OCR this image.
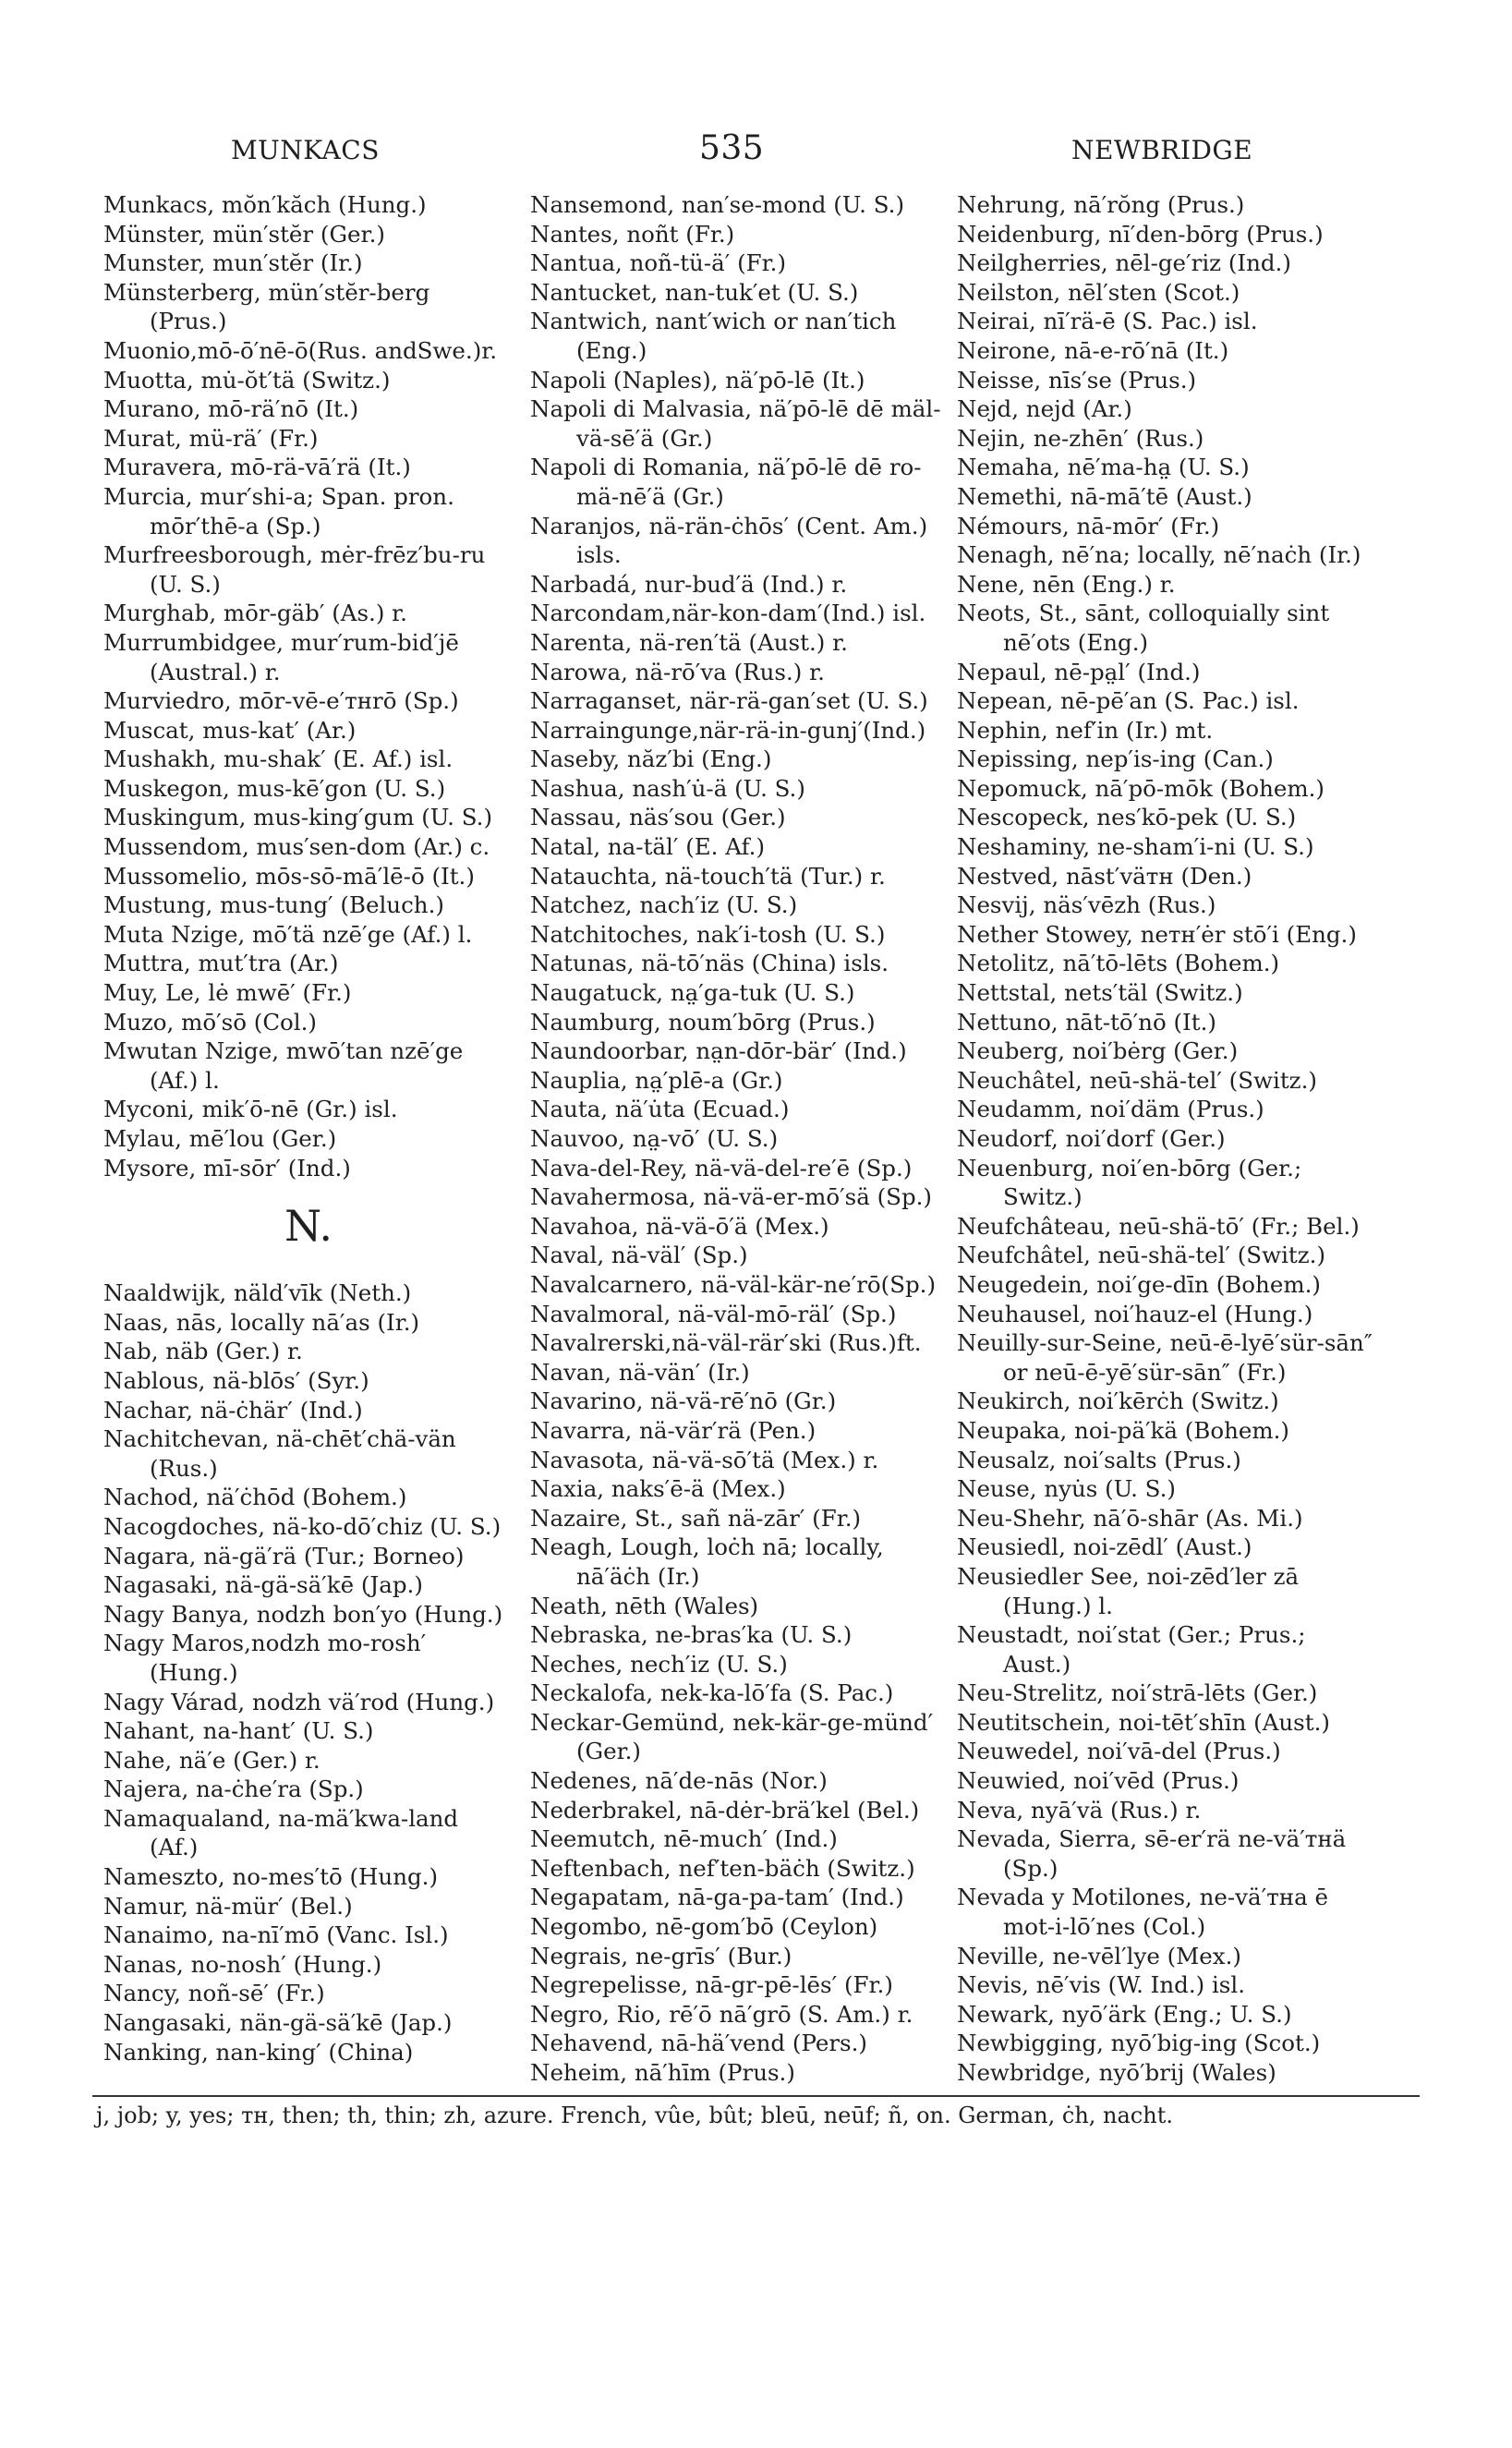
MUNKACS	535	NEWBRIDGE
Munkacs, mŏn′kăch (Hung.)
Münster, mün′stĕr (Ger.)
Munster, mun′stĕr (Ir.)
Münsterberg, mün′stĕr-berg (Prus.)
Muonio,mō-ō′nē-ō(Rus. andSwe.)r.
Muotta, mu̇-ŏt′tä (Switz.)
Murano, mō-rä′nō (It.)
Murat, mü-rä′ (Fr.)
Muravera, mō-rä-vā′rä (It.)
Murcia, mur′shi-a; Span. pron. mōr′thē-a (Sp.)
Murfreesborough, mėr-frēz′bu-ru (U. S.)
Murghab, mōr-gäb′ (As.) r.
Murrumbidgee, mur′rum-bid′jē (Austral.) r.
Murviedro, mōr-vē-e′ᴛʜrō (Sp.)
Muscat, mus-kat′ (Ar.)
Mushakh, mu-shak′ (E. Af.) isl.
Muskegon, mus-kē′gon (U. S.)
Muskingum, mus-king′gum (U. S.)
Mussendom, mus′sen-dom (Ar.) c.
Mussomelio, mōs-sō-mā′lē-ō (It.)
Mustung, mus-tung′ (Beluch.)
Muta Nzige, mō′tä nzē′ge (Af.) l.
Muttra, mut′tra (Ar.)
Muy, Le, lė mwē′ (Fr.)
Muzo, mō′sō (Col.)
Mwutan Nzige, mwō′tan nzē′ge (Af.) l.
Myconi, mik′ō-nē (Gr.) isl.
Mylau, mē′lou (Ger.)
Mysore, mī-sōr′ (Ind.)
N.
Naaldwijk, näld′vīk (Neth.)
Naas, nās, locally nā′as (Ir.)
Nab, näb (Ger.) r.
Nablous, nä-blōs′ (Syr.)
Nachar, nä-ċhär′ (Ind.)
Nachitchevan, nä-chēt′chä-vän (Rus.)
Nachod, nä′ċhōd (Bohem.)
Nacogdoches, nä-ko-dō′chiz (U. S.)
Nagara, nä-gä′rä (Tur.; Borneo)
Nagasaki, nä-gä-sä′kē (Jap.)
Nagy Banya, nodzh bon′yo (Hung.)
Nagy Maros,nodzh mo-rosh′(Hung.)
Nagy Várad, nodzh vä′rod (Hung.)
Nahant, na-hant′ (U. S.)
Nahe, nä′e (Ger.) r.
Najera, na-ċhe′ra (Sp.)
Namaqualand, na-mä′kwa-land (Af.)
Nameszto, no-mes′tō (Hung.)
Namur, nä-mür′ (Bel.)
Nanaimo, na-nī′mō (Vanc. Isl.)
Nanas, no-nosh′ (Hung.)
Nancy, noñ-sē′ (Fr.)
Nangasaki, nän-gä-sä′kē (Jap.)
Nanking, nan-king′ (China)
Nansemond, nan′se-mond (U. S.)
Nantes, noñt (Fr.)
Nantua, noñ-tü-ä′ (Fr.)
Nantucket, nan-tuk′et (U. S.)
Nantwich, nant′wich or nan′tich (Eng.)
Napoli (Naples), nä′pō-lē (It.)
Napoli di Malvasia, nä′pō-lē dē mäl-vä-sē′ä (Gr.)
Napoli di Romania, nä′pō-lē dē ro-mä-nē′ä (Gr.)
Naranjos, nä-rän-ċhōs′ (Cent. Am.) isls.
Narbadá, nur-bud′ä (Ind.) r.
Narcondam,när-kon-dam′(Ind.) isl.
Narenta, nä-ren′tä (Aust.) r.
Narowa, nä-rō′va (Rus.) r.
Narraganset, när-rä-gan′set (U. S.)
Narraingunge,när-rä-in-gunj′(Ind.)
Naseby, năz′bi (Eng.)
Nashua, nash′u̇-ä (U. S.)
Nassau, näs′sou (Ger.)
Natal, na-täl′ (E. Af.)
Natauchta, nä-touch′tä (Tur.) r.
Natchez, nach′iz (U. S.)
Natchitoches, nak′i-tosh (U. S.)
Natunas, nä-tō′näs (China) isls.
Naugatuck, na̤′ga-tuk (U. S.)
Naumburg, noum′bōrg (Prus.)
Naundoorbar, na̤n-dōr-bär′ (Ind.)
Nauplia, na̤′plē-a (Gr.)
Nauta, nä′u̇ta (Ecuad.)
Nauvoo, na̤-vō′ (U. S.)
Nava-del-Rey, nä-vä-del-re′ē (Sp.)
Navahermosa, nä-vä-er-mō′sä (Sp.)
Navahoa, nä-vä-ō′ä (Mex.)
Naval, nä-väl′ (Sp.)
Navalcarnero, nä-väl-kär-ne′rō(Sp.)
Navalmoral, nä-väl-mō-räl′ (Sp.)
Navalrerski,nä-väl-rär′ski (Rus.)ft.
Navan, nä-vän′ (Ir.)
Navarino, nä-vä-rē′nō (Gr.)
Navarra, nä-vär′rä (Pen.)
Navasota, nä-vä-sō′tä (Mex.) r.
Naxia, naks′ē-ä (Mex.)
Nazaire, St., sañ nä-zār′ (Fr.)
Neagh, Lough, loċh nā; locally, nā′äċh (Ir.)
Neath, nēth (Wales)
Nebraska, ne-bras′ka (U. S.)
Neches, nech′iz (U. S.)
Neckalofa, nek-ka-lō′fa (S. Pac.)
Neckar-Gemünd, nek-kär-ge-münd′ (Ger.)
Nedenes, nā′de-nās (Nor.)
Nederbrakel, nā-dėr-brä′kel (Bel.)
Neemutch, nē-much′ (Ind.)
Neftenbach, nef′ten-bäċh (Switz.)
Negapatam, nā-ga-pa-tam′ (Ind.)
Negombo, nē-gom′bō (Ceylon)
Negrais, ne-grīs′ (Bur.)
Negrepelisse, nā-gr-pē-lēs′ (Fr.)
Negro, Rio, rē′ō nā′grō (S. Am.) r.
Nehavend, nā-hä′vend (Pers.)
Neheim, nā′hīm (Prus.)
Nehrung, nā′rŏng (Prus.)
Neidenburg, nī′den-bōrg (Prus.)
Neilgherries, nēl-ge′riz (Ind.)
Neilston, nēl′sten (Scot.)
Neirai, nī′rä-ē (S. Pac.) isl.
Neirone, nā-e-rō′nā (It.)
Neisse, nīs′se (Prus.)
Nejd, nejd (Ar.)
Nejin, ne-zhēn′ (Rus.)
Nemaha, nē′ma-ha̤ (U. S.)
Nemethi, nā-mā′tē (Aust.)
Némours, nā-mōr′ (Fr.)
Nenagh, nē′na; locally, nē′naċh (Ir.)
Nene, nēn (Eng.) r.
Neots, St., sānt, colloquially sint nē′ots (Eng.)
Nepaul, nē-pa̤l′ (Ind.)
Nepean, nē-pē′an (S. Pac.) isl.
Nephin, nef′in (Ir.) mt.
Nepissing, nep′is-ing (Can.)
Nepomuck, nā′pō-mōk (Bohem.)
Nescopeck, nes′kō-pek (U. S.)
Neshaminy, ne-sham′i-ni (U. S.)
Nestved, nāst′väᴛʜ (Den.)
Nesvij, näs′vēzh (Rus.)
Nether Stowey, neᴛʜ′ėr stō′i (Eng.)
Netolitz, nā′tō-lēts (Bohem.)
Nettstal, nets′täl (Switz.)
Nettuno, nāt-tō′nō (It.)
Neuberg, noi′bėrg (Ger.)
Neuchâtel, neū-shä-tel′ (Switz.)
Neudamm, noi′däm (Prus.)
Neudorf, noi′dorf (Ger.)
Neuenburg, noi′en-bōrg (Ger.; Switz.)
Neufchâteau, neū-shä-tō′ (Fr.; Bel.)
Neufchâtel, neū-shä-tel′ (Switz.)
Neugedein, noi′ge-dīn (Bohem.)
Neuhausel, noi′hauz-el (Hung.)
Neuilly-sur-Seine, neū-ē-lyē′sür-sān″ or neū-ē-yē′sür-sān″ (Fr.)
Neukirch, noi′kērċh (Switz.)
Neupaka, noi-pä′kä (Bohem.)
Neusalz, noi′salts (Prus.)
Neuse, nyu̇s (U. S.)
Neu-Shehr, nā′ō-shār (As. Mi.)
Neusiedl, noi-zēdl′ (Aust.)
Neusiedler See, noi-zēd′ler zā (Hung.) l.
Neustadt, noi′stat (Ger.; Prus.; Aust.)
Neu-Strelitz, noi′strā-lēts (Ger.)
Neutitschein, noi-tēt′shīn (Aust.)
Neuwedel, noi′vā-del (Prus.)
Neuwied, noi′vēd (Prus.)
Neva, nyā′vä (Rus.) r.
Nevada, Sierra, sē-er′rä ne-vä′ᴛʜä (Sp.)
Nevada y Motilones, ne-vä′ᴛʜa ē mot-i-lō′nes (Col.)
Neville, ne-vēl′lye (Mex.)
Nevis, nē′vis (W. Ind.) isl.
Newark, nyō′ärk (Eng.; U. S.)
Newbigging, nyō′big-ing (Scot.)
Newbridge, nyō′brij (Wales)
j, job; y, yes; ᴛʜ, then; th, thin; zh, azure. French, vûe, bût; bleū, neūf; ñ, on. German, ċh, nacht.
